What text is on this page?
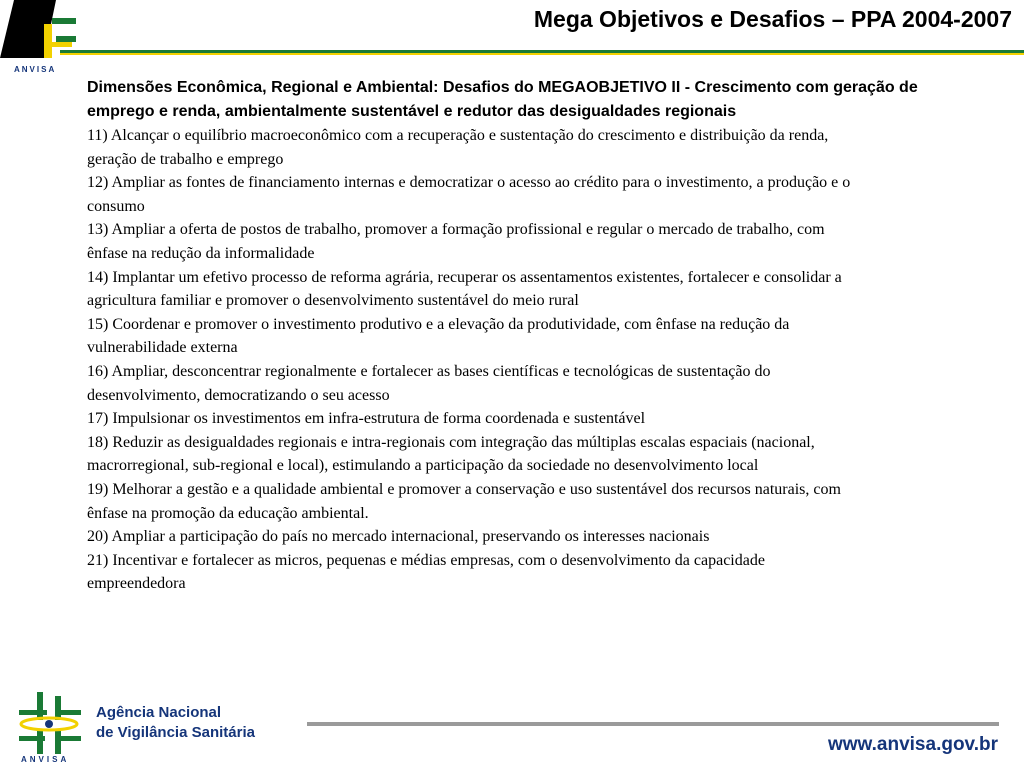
ANVISA
Mega Objetivos e Desafios – PPA 2004-2007

Dimensões Econômica, Regional e Ambiental: Desafios do MEGAOBJETIVO II - Crescimento com geração de emprego e renda, ambientalmente sustentável e redutor das desigualdades regionais

11) Alcançar o equilíbrio macroeconômico com a recuperação e sustentação do crescimento e distribuição da renda, geração de trabalho e emprego
12) Ampliar as fontes de financiamento internas e democratizar o acesso ao crédito para o investimento, a produção e o consumo
13) Ampliar a oferta de postos de trabalho, promover a formação profissional e regular o mercado de trabalho, com ênfase na redução da informalidade
14) Implantar um efetivo processo de reforma agrária, recuperar os assentamentos existentes, fortalecer e consolidar a agricultura familiar e promover o desenvolvimento sustentável do meio rural
15) Coordenar e promover o investimento produtivo e a elevação da produtividade, com ênfase na redução da vulnerabilidade externa
16) Ampliar, desconcentrar regionalmente e fortalecer as bases científicas e tecnológicas de sustentação do desenvolvimento, democratizando o seu acesso
17) Impulsionar os investimentos em infra-estrutura de forma coordenada e sustentável
18) Reduzir as desigualdades regionais e intra-regionais com integração das múltiplas escalas espaciais (nacional, macrorregional, sub-regional e local), estimulando a participação da sociedade no desenvolvimento local
19) Melhorar a gestão e a qualidade ambiental e promover a conservação e uso sustentável dos recursos naturais, com ênfase na promoção da educação ambiental.
20) Ampliar a participação do país no mercado internacional, preservando os interesses nacionais
21) Incentivar e fortalecer as micros, pequenas e médias empresas, com o desenvolvimento da capacidade empreendedora
ANVISA
Agência Nacional
de Vigilância Sanitária
www.anvisa.gov.br
